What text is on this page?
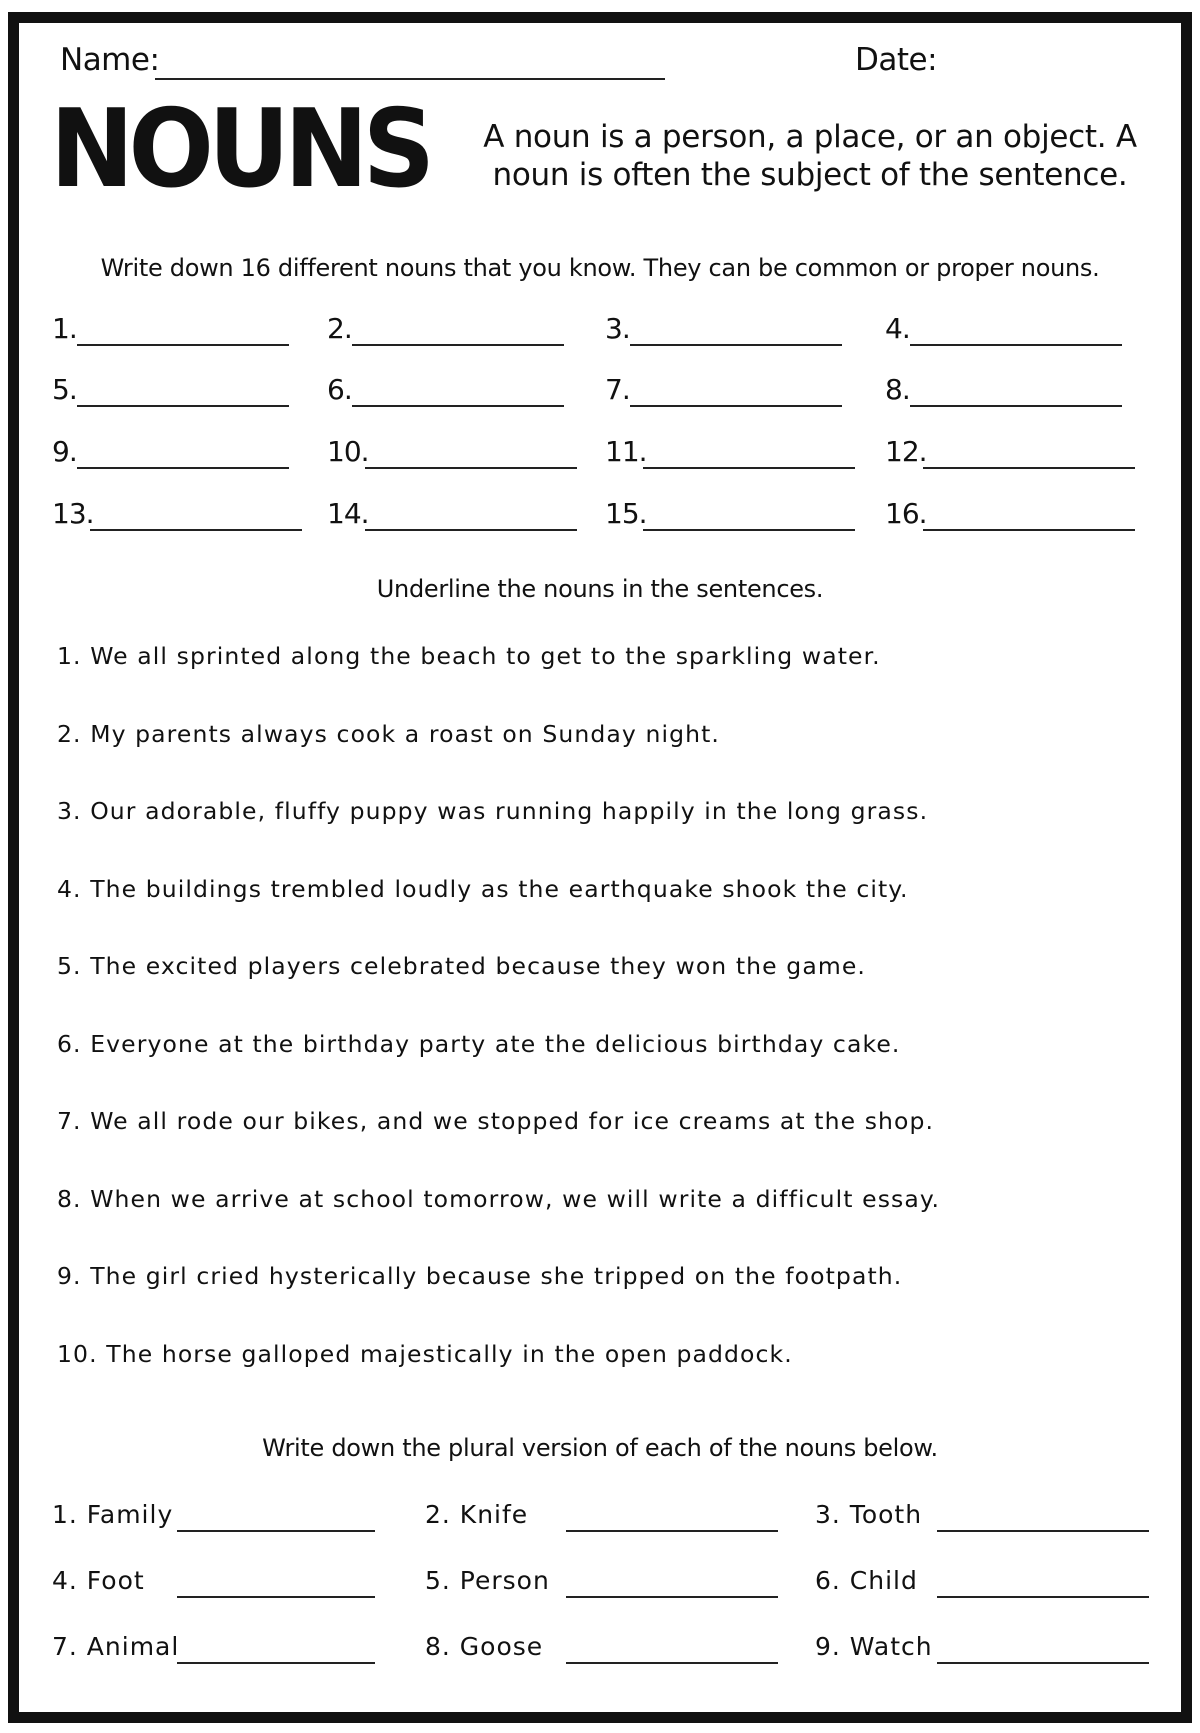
Name:	Date:
NOUNS	A noun is a person, a place, or an object. A noun is often the subject of the sentence.
Write down 16 different nouns that you know. They can be common or proper nouns.
1.	2.	3.	4.
5.	6.	7.	8.
9.	10.	11.	12.
13.	14.	15.	16.
Underline the nouns in the sentences.
1. We all sprinted along the beach to get to the sparkling water.
2. My parents always cook a roast on Sunday night.
3. Our adorable, fluffy puppy was running happily in the long grass.
4. The buildings trembled loudly as the earthquake shook the city.
5. The excited players celebrated because they won the game.
6. Everyone at the birthday party ate the delicious birthday cake.
7. We all rode our bikes, and we stopped for ice creams at the shop.
8. When we arrive at school tomorrow, we will write a difficult essay.
9. The girl cried hysterically because she tripped on the footpath.
10. The horse galloped majestically in the open paddock.
Write down the plural version of each of the nouns below.
1. Family	2. Knife	3. Tooth
4. Foot	5. Person	6. Child
7. Animal	8. Goose	9. Watch
